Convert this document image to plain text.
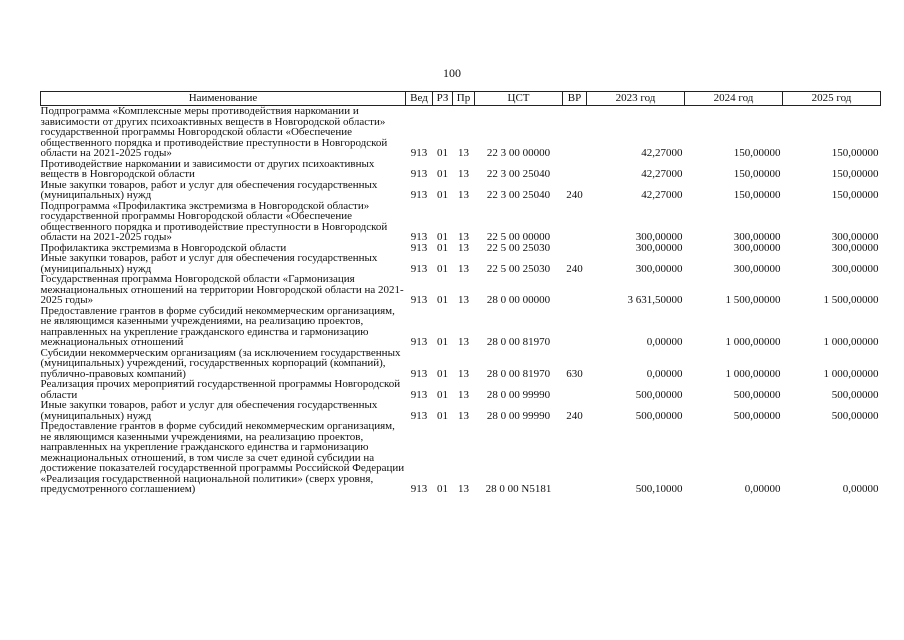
100
Наименование	Вед	РЗ	Пр	ЦСТ	ВР	2023 год	2024 год	2025 год
Подпрограмма «Комплексные меры противодействия наркомании и зависимости от других психоактивных веществ в Новгородской области» государственной программы Новгородской области «Обеспечение общественного порядка и противодействие преступности в Новгородской области на 2021-2025 годы»	913	01	13	22 3 00 00000		42,27000	150,00000	150,00000
Противодействие наркомании и зависимости от других психоактивных веществ в Новгородской области	913	01	13	22 3 00 25040		42,27000	150,00000	150,00000
Иные закупки товаров, работ и услуг для обеспечения государственных (муниципальных) нужд	913	01	13	22 3 00 25040	240	42,27000	150,00000	150,00000
Подпрограмма «Профилактика экстремизма в Новгородской области» государственной программы Новгородской области «Обеспечение общественного порядка и противодействие преступности в Новгородской области на 2021-2025 годы»	913	01	13	22 5 00 00000		300,00000	300,00000	300,00000
Профилактика экстремизма в Новгородской области	913	01	13	22 5 00 25030		300,00000	300,00000	300,00000
Иные закупки товаров, работ и услуг для обеспечения государственных (муниципальных) нужд	913	01	13	22 5 00 25030	240	300,00000	300,00000	300,00000
Государственная программа Новгородской области «Гармонизация межнациональных отношений на территории Новгородской области на 2021-2025 годы»	913	01	13	28 0 00 00000		3 631,50000	1 500,00000	1 500,00000
Предоставление грантов в форме субсидий некоммерческим организациям, не являющимся казенными учреждениями, на реализацию проектов, направленных на укрепление гражданского единства и гармонизацию межнациональных отношений	913	01	13	28 0 00 81970		0,00000	1 000,00000	1 000,00000
Субсидии некоммерческим организациям (за исключением государственных (муниципальных) учреждений, государственных корпораций (компаний), публично-правовых компаний)	913	01	13	28 0 00 81970	630	0,00000	1 000,00000	1 000,00000
Реализация прочих мероприятий государственной программы Новгородской области	913	01	13	28 0 00 99990		500,00000	500,00000	500,00000
Иные закупки товаров, работ и услуг для обеспечения государственных (муниципальных) нужд	913	01	13	28 0 00 99990	240	500,00000	500,00000	500,00000
Предоставление грантов в форме субсидий некоммерческим организациям, не являющимся казенными учреждениями, на реализацию проектов, направленных на укрепление гражданского единства и гармонизацию межнациональных отношений, в том числе за счет единой субсидии на достижение показателей государственной программы Российской Федерации «Реализация государственной национальной политики» (сверх уровня, предусмотренного соглашением)	913	01	13	28 0 00 N5181		500,10000	0,00000	0,00000
